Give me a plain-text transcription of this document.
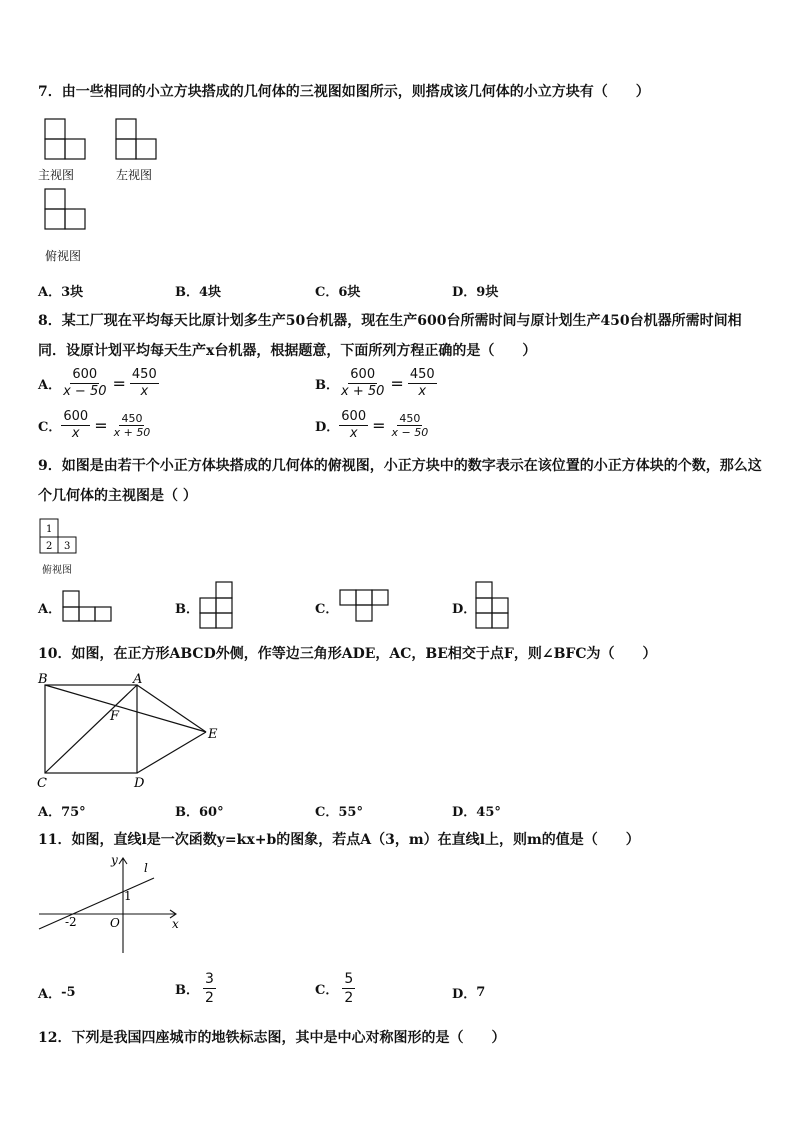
7．由一些相同的小立方块搭成的几何体的三视图如图所示，则搭成该几何体的小立方块有（　　）
主视图	左视图
俯视图
A．3块	B．4块	C．6块	D．9块
8．某工厂现在平均每天比原计划多生产50台机器，现在生产600台所需时间与原计划生产450台机器所需时间相
同．设原计划平均每天生产x台机器，根据题意，下面所列方程正确的是（　　）
A． $\frac{600}{x - 50} = \frac{450}{x}$	B． $\frac{600}{x + 50} = \frac{450}{x}$
C． $\frac{600}{x} = \frac{450}{x + 50}$	D． $\frac{600}{x} = \frac{450}{x - 50}$
9．如图是由若干个小正方体块搭成的几何体的俯视图，小正方块中的数字表示在该位置的小正方体块的个数，那么这
个几何体的主视图是（ ）
1
2 3
俯视图
A．	B．	C．	D．
10．如图，在正方形ABCD外侧，作等边三角形ADE，AC，BE相交于点F，则∠BFC为（　　）
B	A
F
E
C	D
A．75°	B．60°	C．55°	D．45°
11．如图，直线l是一次函数y=kx+b的图象，若点A（3，m）在直线l上，则m的值是（　　）
y
x
l
1
-2	O
A． -5	B． $\frac{3}{2}$	C． $\frac{5}{2}$	D． 7
12．下列是我国四座城市的地铁标志图，其中是中心对称图形的是（　　）
